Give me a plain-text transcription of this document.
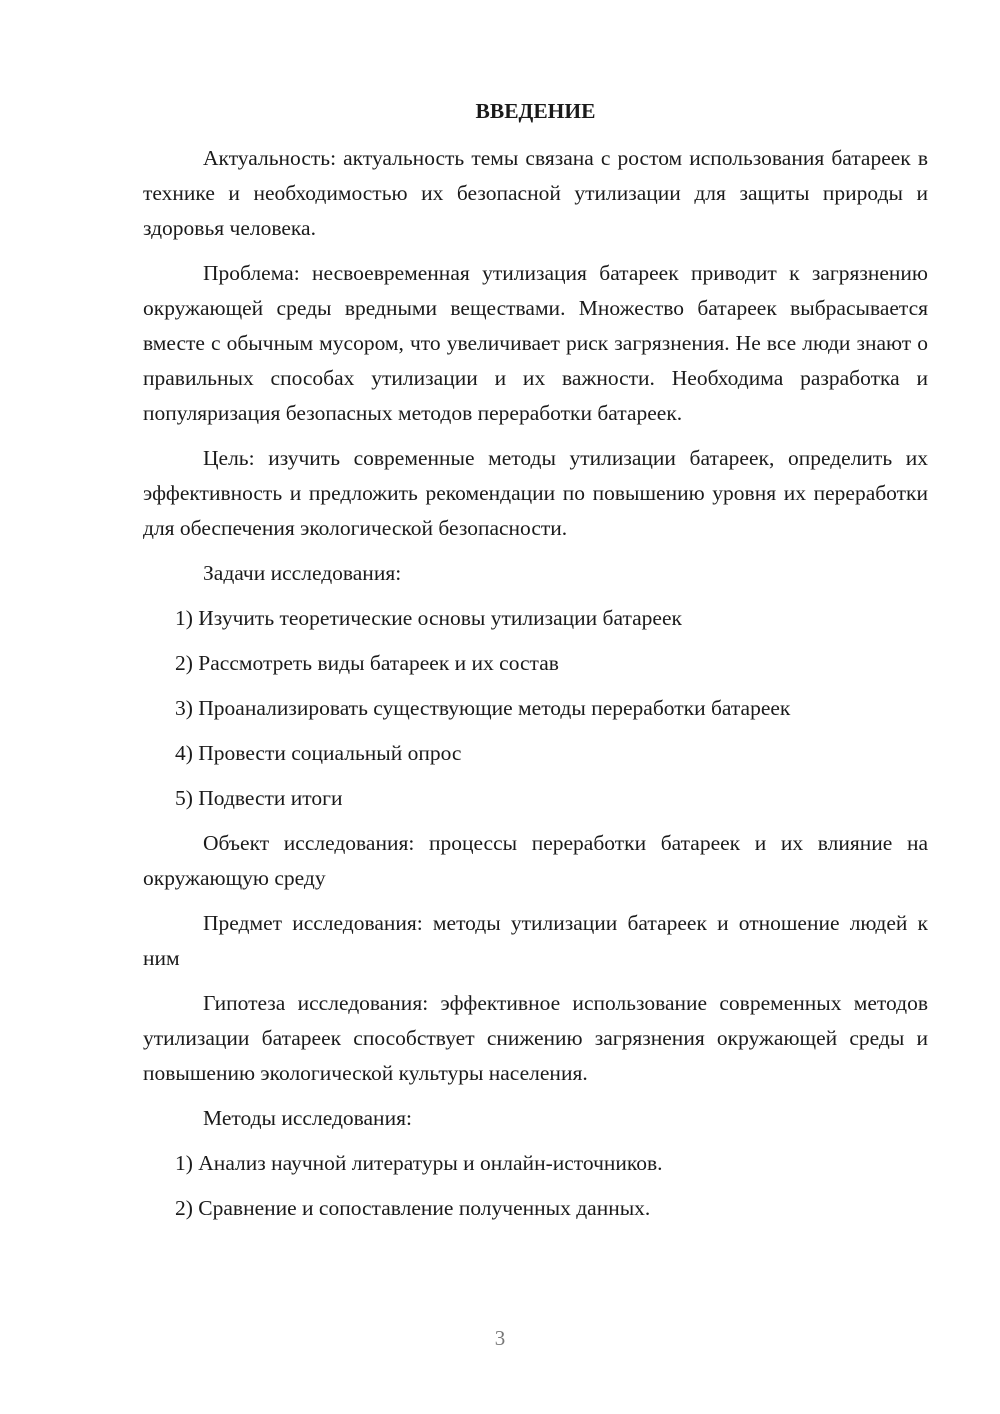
ВВЕДЕНИЕ

Актуальность: актуальность темы связана с ростом использования батареек в технике и необходимостью их безопасной утилизации для защиты природы и здоровья человека.

Проблема: несвоевременная утилизация батареек приводит к загрязнению окружающей среды вредными веществами. Множество батареек выбрасывается вместе с обычным мусором, что увеличивает риск загрязнения. Не все люди знают о правильных способах утилизации и их важности. Необходима разработка и популяризация безопасных методов переработки батареек.

Цель: изучить современные методы утилизации батареек, определить их эффективность и предложить рекомендации по повышению уровня их переработки для обеспечения экологической безопасности.

Задачи исследования:

1) Изучить теоретические основы утилизации батареек
2) Рассмотреть виды батареек и их состав
3) Проанализировать существующие методы переработки батареек
4) Провести социальный опрос
5) Подвести итоги

Объект исследования: процессы переработки батареек и их влияние на окружающую среду

Предмет исследования: методы утилизации батареек и отношение людей к ним

Гипотеза исследования: эффективное использование современных методов утилизации батареек способствует снижению загрязнения окружающей среды и повышению экологической культуры населения.

Методы исследования:

1) Анализ научной литературы и онлайн-источников.
2) Сравнение и сопоставление полученных данных.
3
